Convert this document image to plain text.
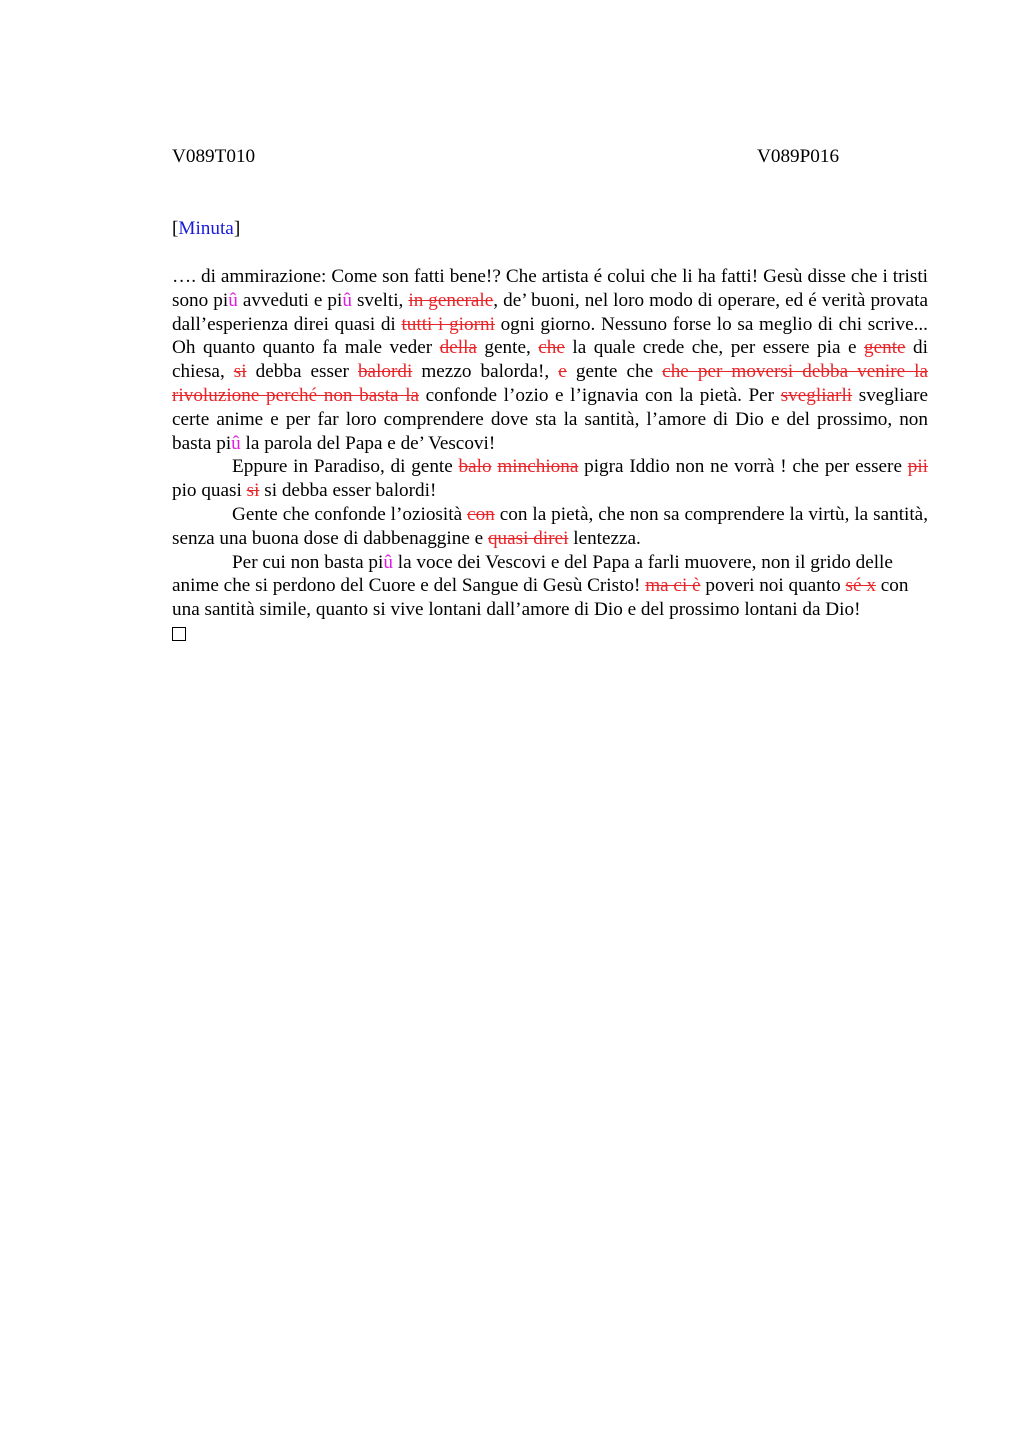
V089T010	V089P016
[Minuta]

…. di ammirazione: Come son fatti bene!? Che artista é colui che li ha fatti! Gesù disse che i tristi sono piû avveduti e piû svelti, in generale, de’ buoni, nel loro modo di operare, ed é verità provata dall’esperienza direi quasi di tutti i giorni ogni giorno. Nessuno forse lo sa meglio di chi scrive... Oh quanto quanto fa male veder della gente, che la quale crede che, per essere pia e gente di chiesa, si debba esser balordi mezzo balorda!, e gente che che per moversi debba venire la rivoluzione perché non basta la confonde l’ozio e l’ignavia con la pietà. Per svegliarli svegliare certe anime e per far loro comprendere dove sta la santità, l’amore di Dio e del prossimo, non basta piû la parola del Papa e de’ Vescovi!

Eppure in Paradiso, di gente balo minchiona pigra Iddio non ne vorrà ! che per essere pii pio quasi si si debba esser balordi!

Gente che confonde l’oziosità con con la pietà, che non sa comprendere la virtù, la santità, senza una buona dose di dabbenaggine e quasi direi lentezza.

Per cui non basta piû la voce dei Vescovi e del Papa a farli muovere, non il grido delle anime che si perdono del Cuore e del Sangue di Gesù Cristo! ma ci è poveri noi quanto sé x con una santità simile, quanto si vive lontani dall’amore di Dio e del prossimo lontani da Dio!
